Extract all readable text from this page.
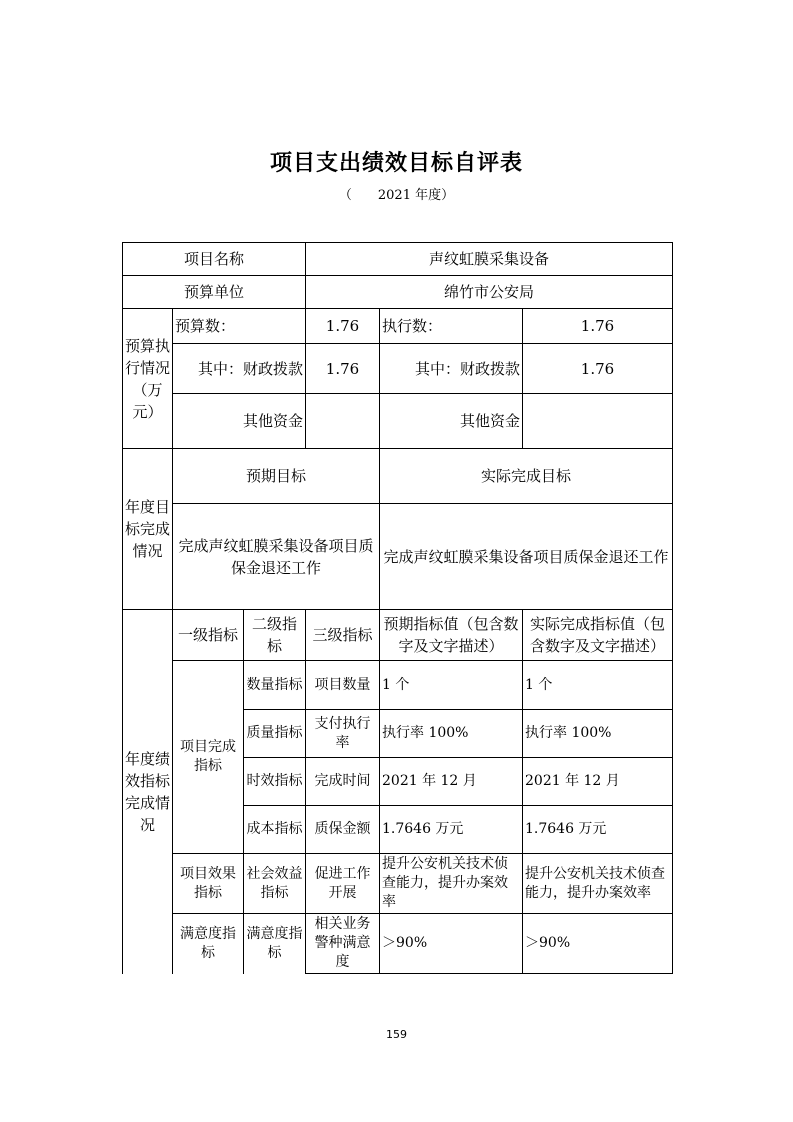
项目支出绩效目标自评表
（ 2021 年度）
项目名称			声纹虹膜采集设备		
预算单位			绵竹市公安局		
预算执行情况（万元）	预算数：		1.76	执行数：	1.76
	其中：财政拨款		1.76	其中：财政拨款	1.76
	其他资金			其他资金	
年度目标完成情况	预期目标			实际完成目标	
	完成声纹虹膜采集设备项目质保金退还工作			完成声纹虹膜采集设备项目质保金退还工作	
年度绩效指标完成情况	一级指标	二级指标	三级指标	预期指标值（包含数字及文字描述）	实际完成指标值（包含数字及文字描述）
	项目完成指标	数量指标	项目数量	1 个	1 个
		质量指标	支付执行率	执行率 100%	执行率 100%
		时效指标	完成时间	2021 年 12 月	2021 年 12 月
		成本指标	质保金额	1.7646 万元	1.7646 万元
	项目效果指标	社会效益指标	促进工作开展	提升公安机关技术侦查能力，提升办案效率	提升公安机关技术侦查能力，提升办案效率
	满意度指标	满意度指标	相关业务警种满意度	＞90%	＞90%
159
